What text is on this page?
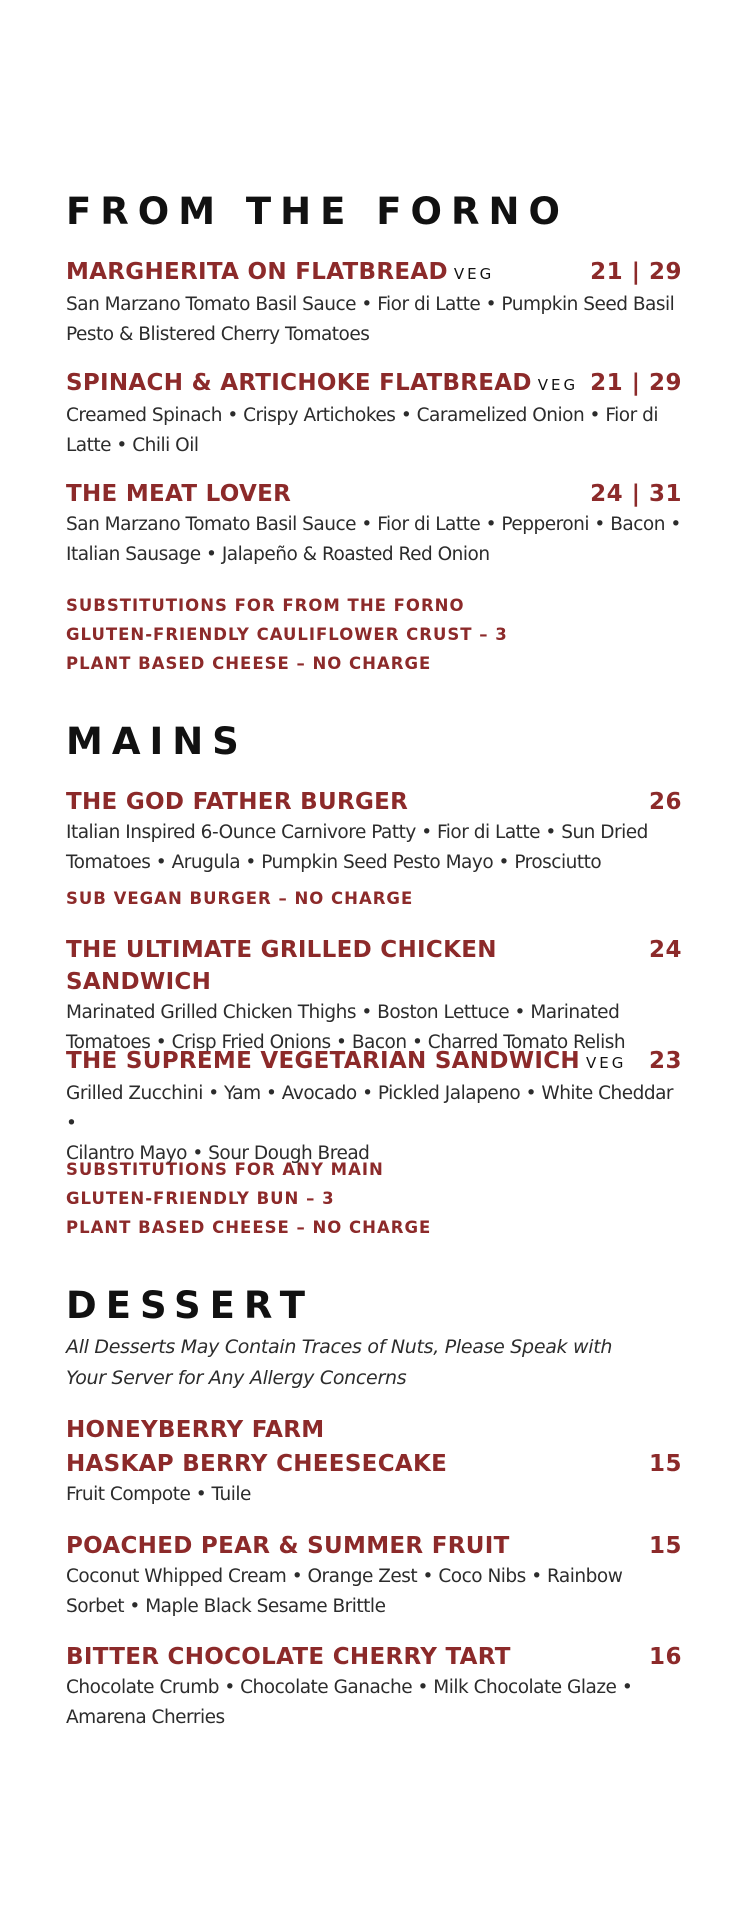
FROM THE FORNO
MARGHERITA ON FLATBREAD VEG	21 | 29

San Marzano Tomato Basil Sauce • Fior di Latte • Pumpkin Seed Basil

Pesto & Blistered Cherry Tomatoes

SPINACH & ARTICHOKE FLATBREAD VEG 21 | 29

Creamed Spinach • Crispy Artichokes • Caramelized Onion • Fior di

Latte • Chili Oil

THE MEAT LOVER	24 | 31

San Marzano Tomato Basil Sauce • Fior di Latte • Pepperoni • Bacon •

Italian Sausage • Jalapeño & Roasted Red Onion

SUBSTITUTIONS FOR FROM THE FORNO

GLUTEN-FRIENDLY CAULIFLOWER CRUST – 3

PLANT BASED CHEESE – NO CHARGE

MAINS
THE GOD FATHER BURGER	26

Italian Inspired 6-Ounce Carnivore Patty • Fior di Latte • Sun Dried

Tomatoes • Arugula • Pumpkin Seed Pesto Mayo • Prosciutto

SUB VEGAN BURGER – NO CHARGE

THE ULTIMATE GRILLED CHICKEN SANDWICH
24

Marinated Grilled Chicken Thighs • Boston Lettuce • Marinated

Tomatoes • Crisp Fried Onions • Bacon • Charred Tomato Relish

THE SUPREME VEGETARIAN SANDWICH VEG 23

Grilled Zucchini • Yam • Avocado • Pickled Jalapeno • White Cheddar •

Cilantro Mayo • Sour Dough Bread

SUBSTITUTIONS FOR ANY MAIN

GLUTEN-FRIENDLY BUN – 3

PLANT BASED CHEESE – NO CHARGE

DESSERT

All Desserts May Contain Traces of Nuts, Please Speak with

Your Server for Any Allergy Concerns

HONEYBERRY FARM
HASKAP BERRY CHEESECAKE	15

Fruit Compote • Tuile

POACHED PEAR & SUMMER FRUIT	15

Coconut Whipped Cream • Orange Zest • Coco Nibs • Rainbow

Sorbet • Maple Black Sesame Brittle

BITTER CHOCOLATE CHERRY TART	16

Chocolate Crumb • Chocolate Ganache • Milk Chocolate Glaze •

Amarena Cherries
